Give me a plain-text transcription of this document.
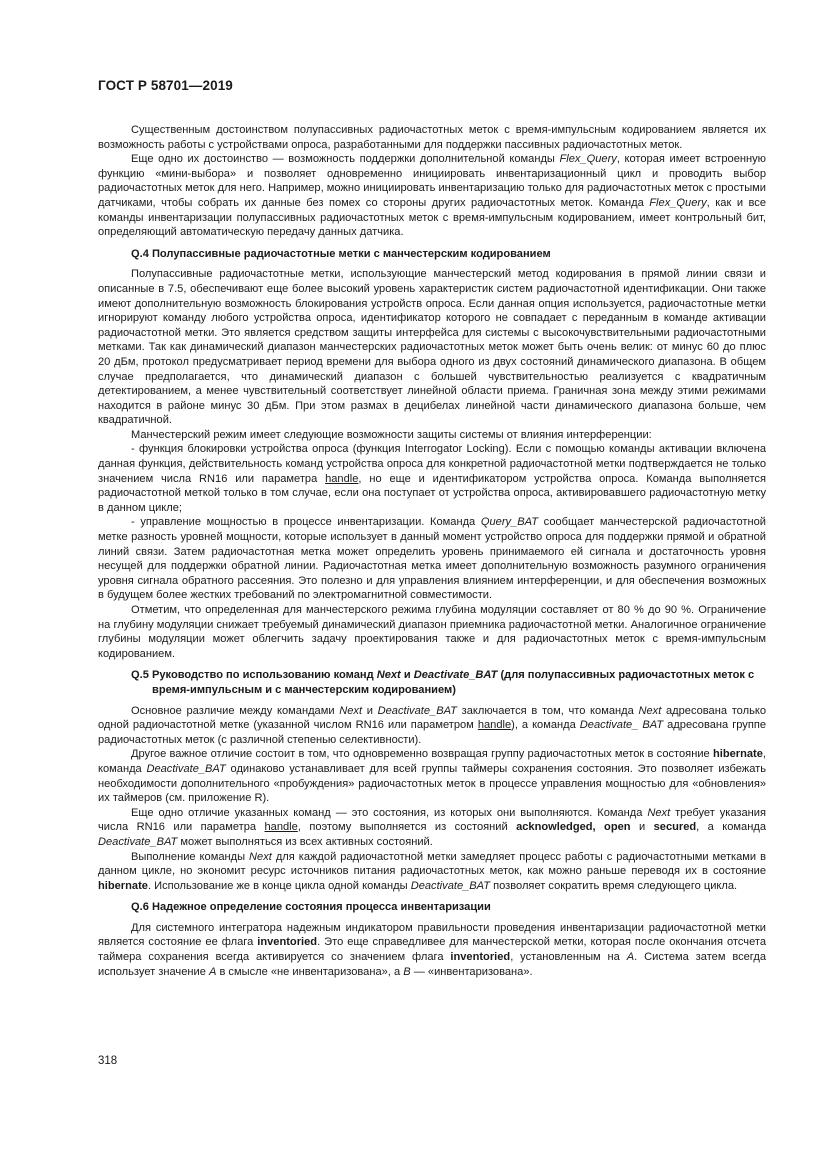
ГОСТ Р 58701—2019

Существенным достоинством полупассивных радиочастотных меток с время-импульсным кодированием является их возможность работы с устройствами опроса, разработанными для поддержки пассивных радиочастотных меток.

Еще одно их достоинство — возможность поддержки дополнительной команды Flex_Query, которая имеет встроенную функцию «мини-выбора» и позволяет одновременно инициировать инвентаризационный цикл и проводить выбор радиочастотных меток для него. Например, можно инициировать инвентаризацию только для радиочастотных меток с простыми датчиками, чтобы собрать их данные без помех со стороны других радиочастотных меток. Команда Flex_Query, как и все команды инвентаризации полупассивных радиочастотных меток с время-импульсным кодированием, имеет контрольный бит, определяющий автоматическую передачу данных датчика.

Q.4 Полупассивные радиочастотные метки с манчестерским кодированием

Полупассивные радиочастотные метки, использующие манчестерский метод кодирования в прямой линии связи и описанные в 7.5, обеспечивают еще более высокий уровень характеристик систем радиочастотной идентификации. Они также имеют дополнительную возможность блокирования устройств опроса. Если данная опция используется, радиочастотные метки игнорируют команду любого устройства опроса, идентификатор которого не совпадает с переданным в команде активации радиочастотной метки. Это является средством защиты интерфейса для системы с высокочувствительными радиочастотными метками. Так как динамический диапазон манчестерских радиочастотных меток может быть очень велик: от минус 60 до плюс 20 дБм, протокол предусматривает период времени для выбора одного из двух состояний динамического диапазона. В общем случае предполагается, что динамический диапазон с большей чувствительностью реализуется с квадратичным детектированием, а менее чувствительный соответствует линейной области приема. Граничная зона между этими режимами находится в районе минус 30 дБм. При этом размах в децибелах линейной части динамического диапазона больше, чем квадратичной.

Манчестерский режим имеет следующие возможности защиты системы от влияния интерференции:

- функция блокировки устройства опроса (функция Interrogator Locking). Если с помощью команды активации включена данная функция, действительность команд устройства опроса для конкретной радиочастотной метки подтверждается не только значением числа RN16 или параметра handle, но еще и идентификатором устройства опроса. Команда выполняется радиочастотной меткой только в том случае, если она поступает от устройства опроса, активировавшего радиочастотную метку в данном цикле;

- управление мощностью в процессе инвентаризации. Команда Query_BAT сообщает манчестерской радиочастотной метке разность уровней мощности, которые использует в данный момент устройство опроса для поддержки прямой и обратной линий связи. Затем радиочастотная метка может определить уровень принимаемого ей сигнала и достаточность уровня несущей для поддержки обратной линии. Радиочастотная метка имеет дополнительную возможность разумного ограничения уровня сигнала обратного рассеяния. Это полезно и для управления влиянием интерференции, и для обеспечения возможных в будущем более жестких требований по электромагнитной совместимости.

Отметим, что определенная для манчестерского режима глубина модуляции составляет от 80 % до 90 %. Ограничение на глубину модуляции снижает требуемый динамический диапазон приемника радиочастотной метки. Аналогичное ограничение глубины модуляции может облегчить задачу проектирования также и для радиочастотных меток с время-импульсным кодированием.

Q.5 Руководство по использованию команд Next и Deactivate_BAT (для полупассивных радиочастотных меток с время-импульсным и с манчестерским кодированием)

Основное различие между командами Next и Deactivate_BAT заключается в том, что команда Next адресована только одной радиочастотной метке (указанной числом RN16 или параметром handle), а команда Deactivate_ BAT адресована группе радиочастотных меток (с различной степенью селективности).

Другое важное отличие состоит в том, что одновременно возвращая группу радиочастотных меток в состояние hibernate, команда Deactivate_BAT одинаково устанавливает для всей группы таймеры сохранения состояния. Это позволяет избежать необходимости дополнительного «пробуждения» радиочастотных меток в процессе управления мощностью для «обновления» их таймеров (см. приложение R).

Еще одно отличие указанных команд — это состояния, из которых они выполняются. Команда Next требует указания числа RN16 или параметра handle, поэтому выполняется из состояний acknowledged, open и secured, а команда Deactivate_BAT может выполняться из всех активных состояний.

Выполнение команды Next для каждой радиочастотной метки замедляет процесс работы с радиочастотными метками в данном цикле, но экономит ресурс источников питания радиочастотных меток, как можно раньше переводя их в состояние hibernate. Использование же в конце цикла одной команды Deactivate_BAT позволяет сократить время следующего цикла.

Q.6 Надежное определение состояния процесса инвентаризации

Для системного интегратора надежным индикатором правильности проведения инвентаризации радиочастотной метки является состояние ее флага inventoried. Это еще справедливее для манчестерской метки, которая после окончания отсчета таймера сохранения всегда активируется со значением флага inventoried, установленным на А. Система затем всегда использует значение А в смысле «не инвентаризована», а В — «инвентаризована».

318
